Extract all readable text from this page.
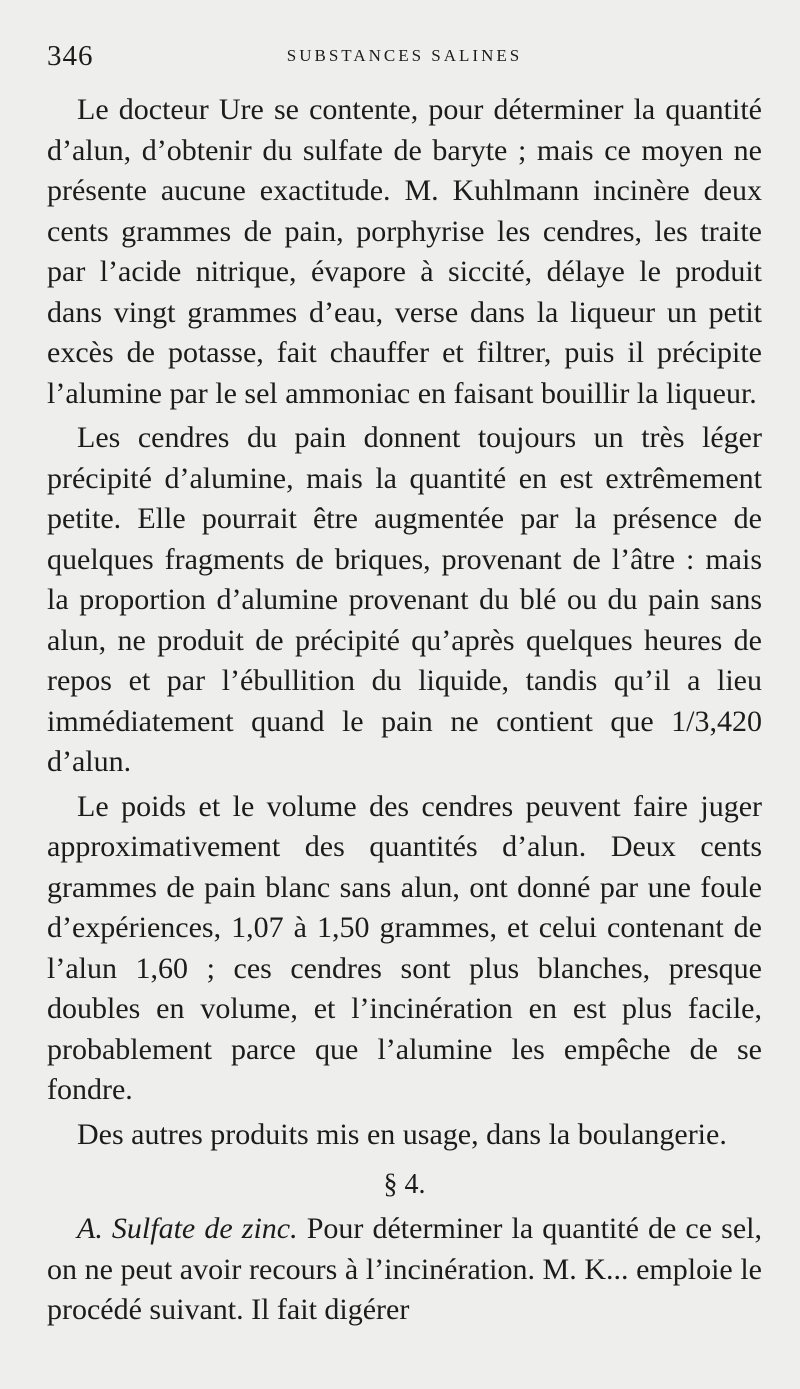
346	SUBSTANCES SALINES

Le docteur Ure se contente, pour déterminer la quantité d’alun, d’obtenir du sulfate de baryte ; mais ce moyen ne présente aucune exactitude. M. Kuhlmann incinère deux cents grammes de pain, porphyrise les cendres, les traite par l’acide nitrique, évapore à siccité, délaye le produit dans vingt grammes d’eau, verse dans la liqueur un petit excès de potasse, fait chauffer et filtrer, puis il précipite l’alumine par le sel ammoniac en faisant bouillir la liqueur.

Les cendres du pain donnent toujours un très léger précipité d’alumine, mais la quantité en est extrêmement petite. Elle pourrait être augmentée par la présence de quelques fragments de briques, provenant de l’âtre : mais la proportion d’alumine provenant du blé ou du pain sans alun, ne produit de précipité qu’après quelques heures de repos et par l’ébullition du liquide, tandis qu’il a lieu immédiatement quand le pain ne contient que 1/3,420 d’alun.

Le poids et le volume des cendres peuvent faire juger approximativement des quantités d’alun. Deux cents grammes de pain blanc sans alun, ont donné par une foule d’expériences, 1,07 à 1,50 grammes, et celui contenant de l’alun 1,60 ; ces cendres sont plus blanches, presque doubles en volume, et l’incinération en est plus facile, probablement parce que l’alumine les empêche de se fondre.

Des autres produits mis en usage, dans la boulangerie.

§ 4.

A. Sulfate de zinc. Pour déterminer la quantité de ce sel, on ne peut avoir recours à l’incinération. M. K... emploie le procédé suivant. Il fait digérer
